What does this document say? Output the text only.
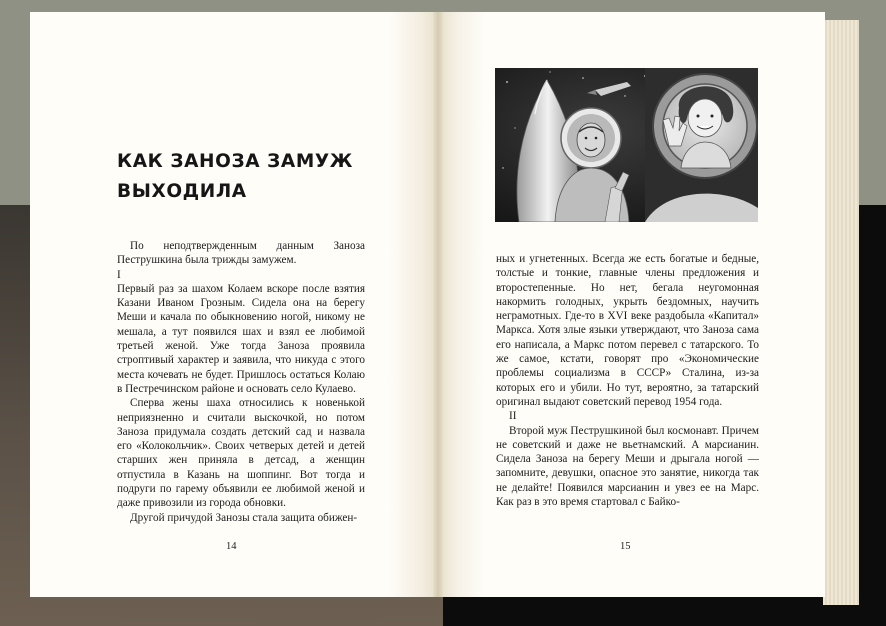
КАК ЗАНОЗА ЗАМУЖ
ВЫХОДИЛА

По неподтвержденным данным Заноза Пеструшкина была трижды замужем.

I

Первый раз за шахом Колаем вскоре после взятия Казани Иваном Грозным. Сидела она на берегу Меши и качала по обыкновению ногой, никому не мешала, а тут появился шах и взял ее любимой третьей женой. Уже тогда Заноза проявила строптивый характер и заявила, что никуда с этого места кочевать не будет. Пришлось остаться Колаю в Пестречинском районе и основать село Кулаево.

Сперва жены шаха относились к новенькой неприязненно и считали выскочкой, но потом Заноза придумала создать детский сад и назвала его «Колокольчик». Своих четверых детей и детей старших жен приняла в детсад, а женщин отпустила в Казань на шоппинг. Вот тогда и подруги по гарему объявили ее любимой женой и даже привозили из города обновки.

Другой причудой Занозы стала защита обижен-

14

ных и угнетенных. Всегда же есть богатые и бедные, толстые и тонкие, главные члены предложения и второстепенные. Но нет, бегала неугомонная накормить голодных, укрыть бездомных, научить неграмотных. Где-то в XVI веке раздобыла «Капитал» Маркса. Хотя злые языки утверждают, что Заноза сама его написала, а Маркс потом перевел с татарского. То же самое, кстати, говорят про «Экономические проблемы социализма в СССР» Сталина, из-за которых его и убили. Но тут, вероятно, за татарский оригинал выдают советский перевод 1954 года.

II

Второй муж Пеструшкиной был космонавт. Причем не советский и даже не вьетнамский. А марсианин. Сидела Заноза на берегу Меши и дрыгала ногой — запомните, девушки, опасное это занятие, никогда так не делайте! Появился марсианин и увез ее на Марс. Как раз в это время стартовал с Байко-

15
